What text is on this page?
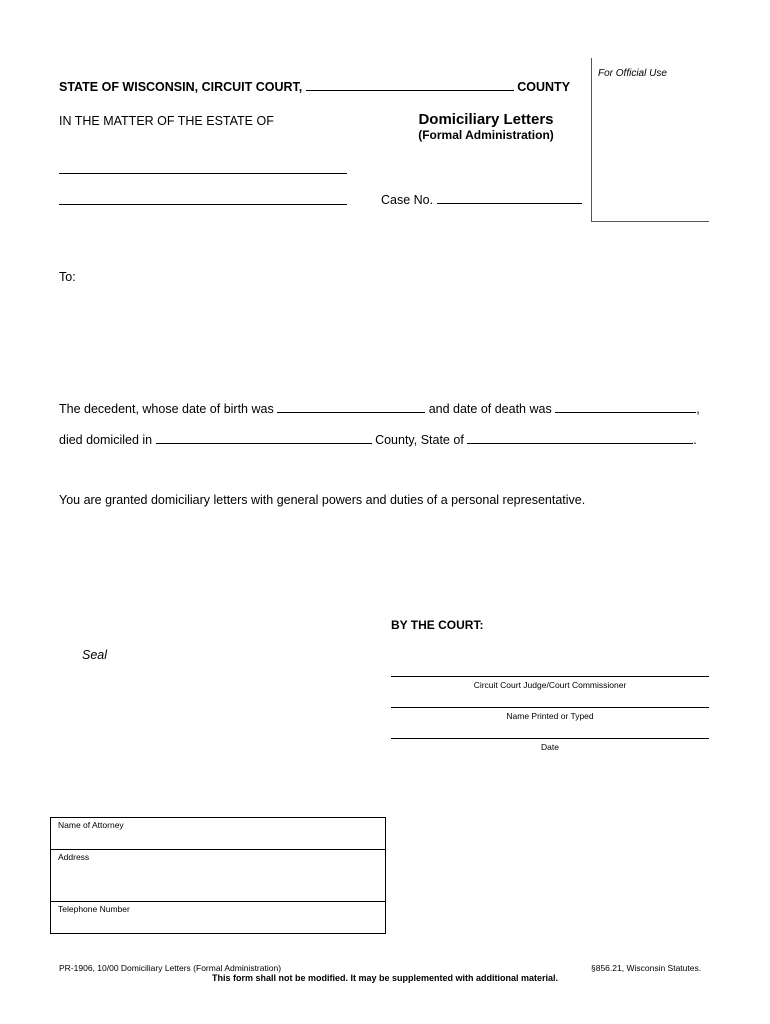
For Official Use
STATE OF WISCONSIN, CIRCUIT COURT,	COUNTY
IN THE MATTER OF THE ESTATE OF	Domiciliary Letters
(Formal Administration)
Case No.
To:
The decedent, whose date of birth was	and date of death was	,
died domiciled in	County, State of	.
You are granted domiciliary letters with general powers and duties of a personal representative.
BY THE COURT:
Seal
Circuit Court Judge/Court Commissioner
Name Printed or Typed
Date
Name of Attorney
Address
Telephone Number
PR-1906, 10/00 Domiciliary Letters (Formal Administration)	§856.21, Wisconsin Statutes.
This form shall not be modified. It may be supplemented with additional material.
